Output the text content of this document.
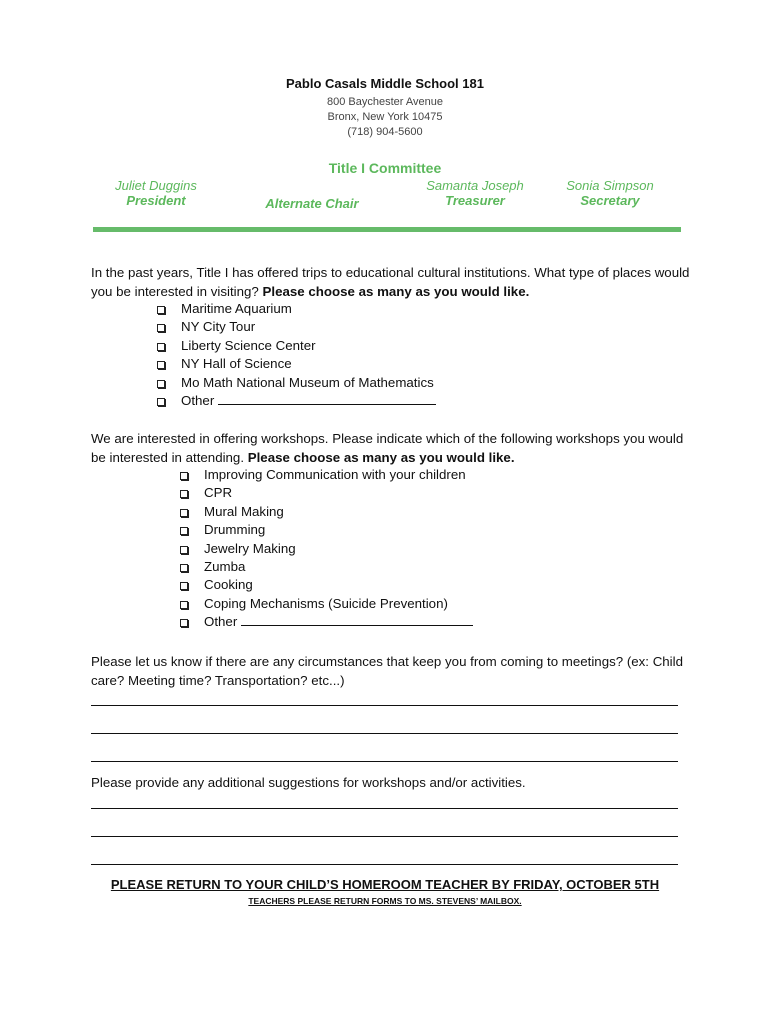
Pablo Casals Middle School 181
800 Baychester Avenue
Bronx, New York 10475
(718) 904-5600
Title I Committee
Juliet Duggins
President	Alternate Chair
Samanta Joseph
Treasurer
Sonia Simpson
Secretary
In the past years, Title I has offered trips to educational cultural institutions. What type of places would you be interested in visiting? Please choose as many as you would like.
Maritime Aquarium
NY City Tour
Liberty Science Center
NY Hall of Science
Mo Math National Museum of Mathematics
Other
We are interested in offering workshops. Please indicate which of the following workshops you would be interested in attending. Please choose as many as you would like.
Improving Communication with your children
CPR
Mural Making
Drumming
Jewelry Making
Zumba
Cooking
Coping Mechanisms (Suicide Prevention)
Other
Please let us know if there are any circumstances that keep you from coming to meetings? (ex: Child care? Meeting time? Transportation? etc...)
Please provide any additional suggestions for workshops and/or activities.
PLEASE RETURN TO YOUR CHILD’S HOMEROOM TEACHER BY FRIDAY, OCTOBER 5TH
TEACHERS PLEASE RETURN FORMS TO MS. STEVENS’ MAILBOX.
